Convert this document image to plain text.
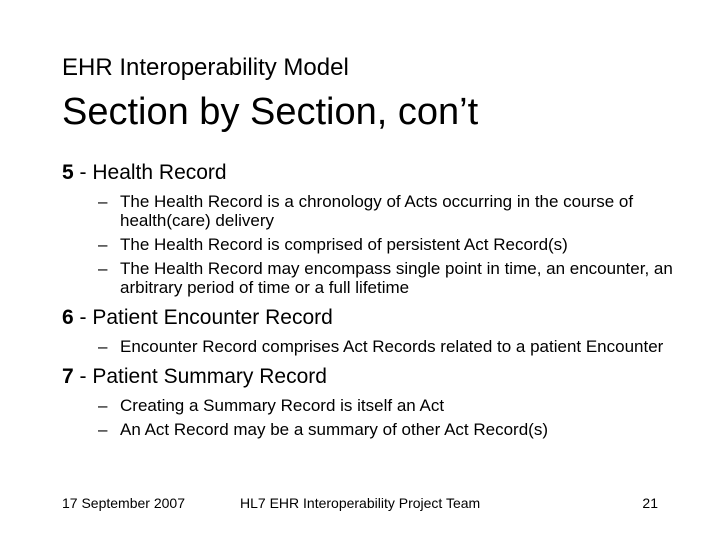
EHR Interoperability Model
Section by Section, con’t
5 - Health Record
– The Health Record is a chronology of Acts occurring in the course of health(care) delivery
– The Health Record is comprised of persistent Act Record(s)
– The Health Record may encompass single point in time, an encounter, an arbitrary period of time or a full lifetime
6 - Patient Encounter Record
– Encounter Record comprises Act Records related to a patient Encounter
7 - Patient Summary Record
– Creating a Summary Record is itself an Act
– An Act Record may be a summary of other Act Record(s)
17 September 2007	HL7 EHR Interoperability Project Team	21
